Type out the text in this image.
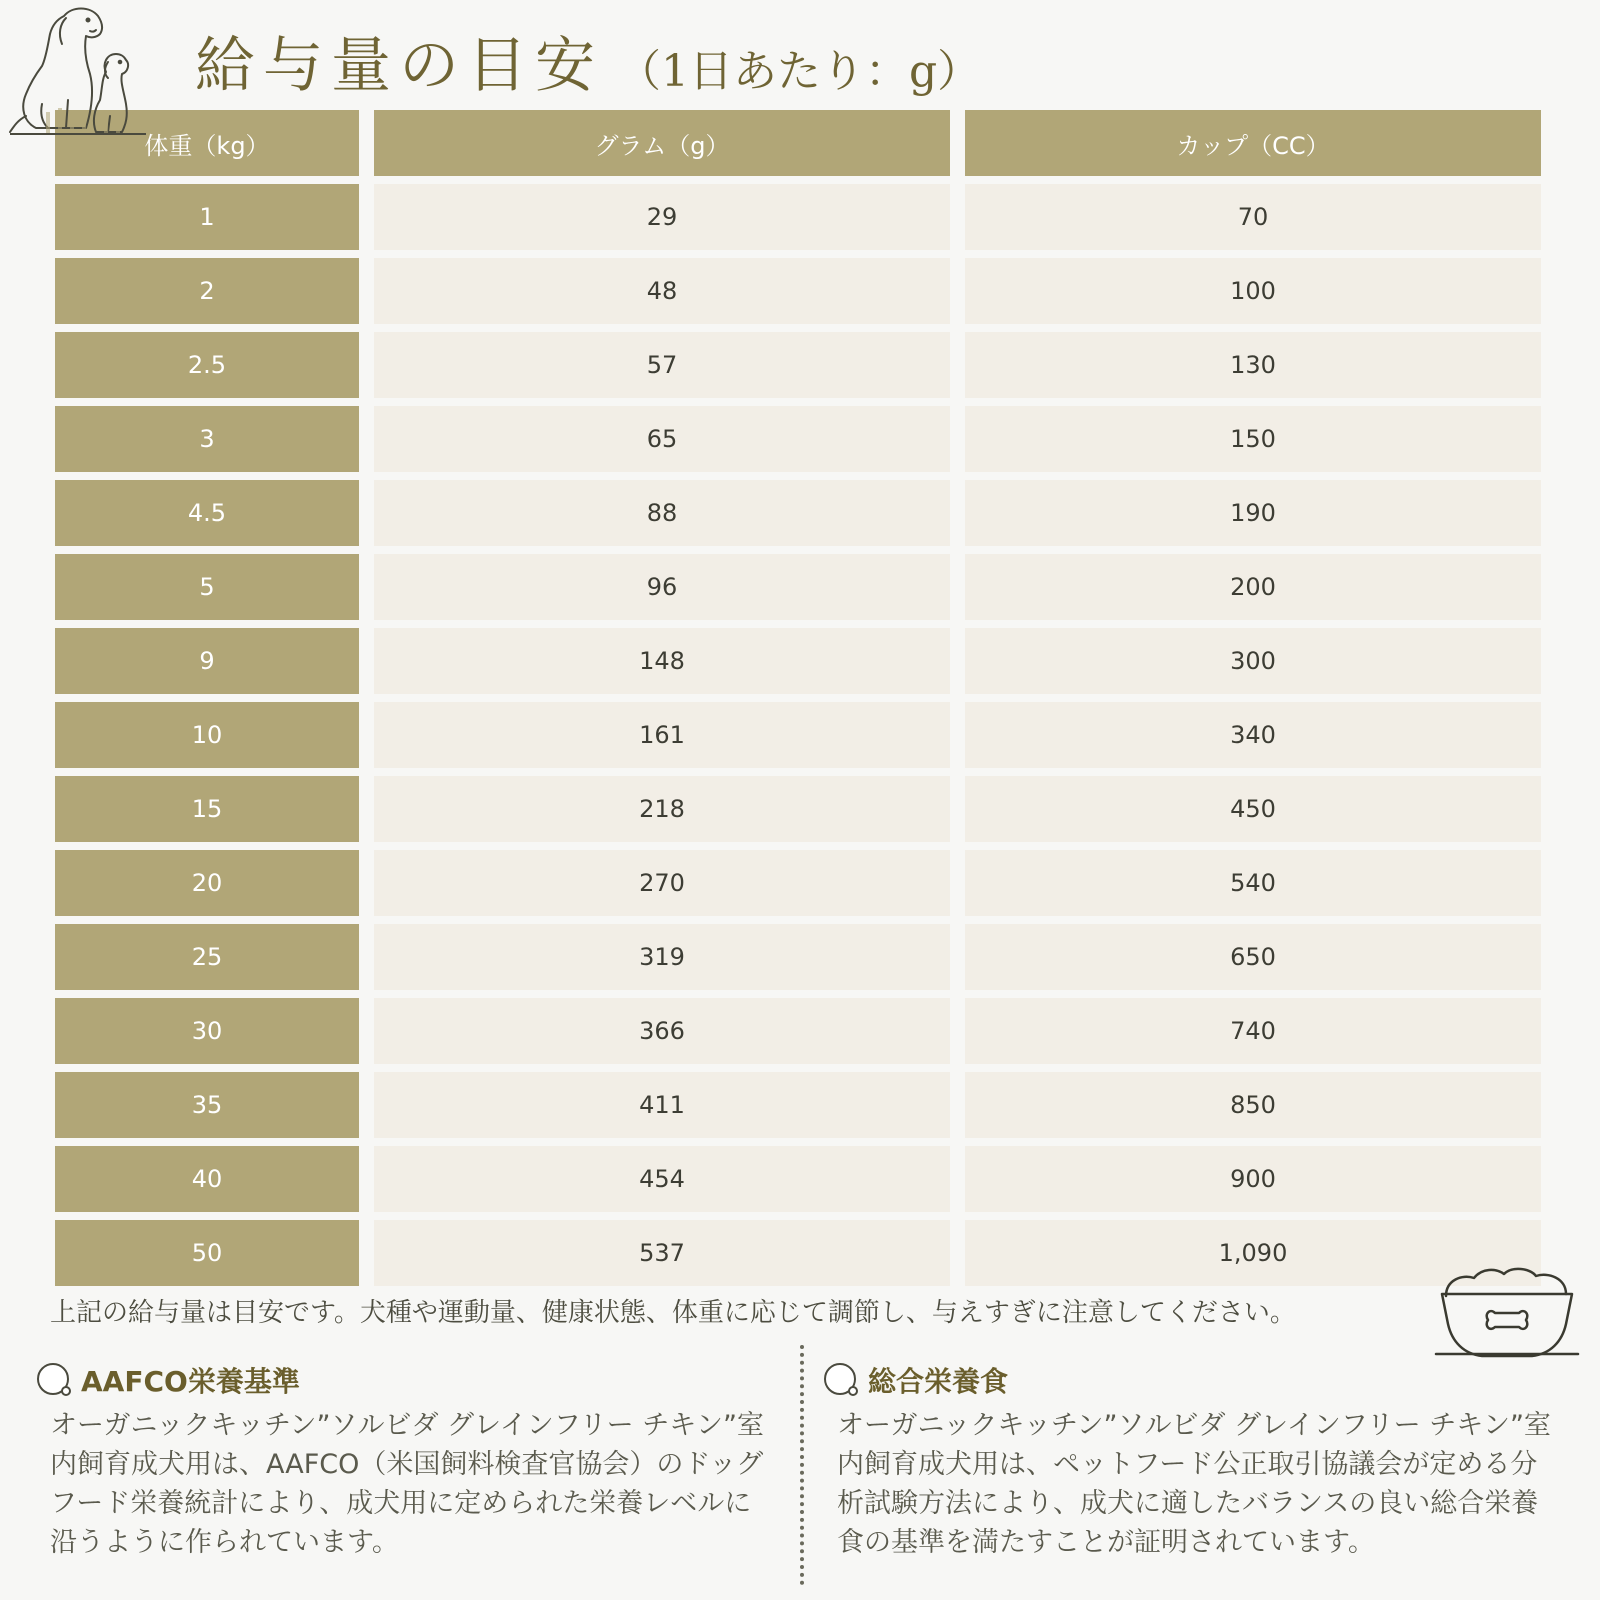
給与量の目安 （1日あたり：g）
体重（kg）	グラム（g）	カップ（CC）
1	29	70
2	48	100
2.5	57	130
3	65	150
4.5	88	190
5	96	200
9	148	300
10	161	340
15	218	450
20	270	540
25	319	650
30	366	740
35	411	850
40	454	900
50	537	1,090
上記の給与量は目安です。犬種や運動量、健康状態、体重に応じて調節し、与えすぎに注意してください。
AAFCO栄養基準
オーガニックキッチン”ソルビダ グレインフリー チキン”室内飼育成犬用は、AAFCO（米国飼料検査官協会）のドッグフード栄養統計により、成犬用に定められた栄養レベルに沿うように作られています。
総合栄養食
オーガニックキッチン”ソルビダ グレインフリー チキン”室内飼育成犬用は、ペットフード公正取引協議会が定める分析試験方法により、成犬に適したバランスの良い総合栄養食の基準を満たすことが証明されています。
